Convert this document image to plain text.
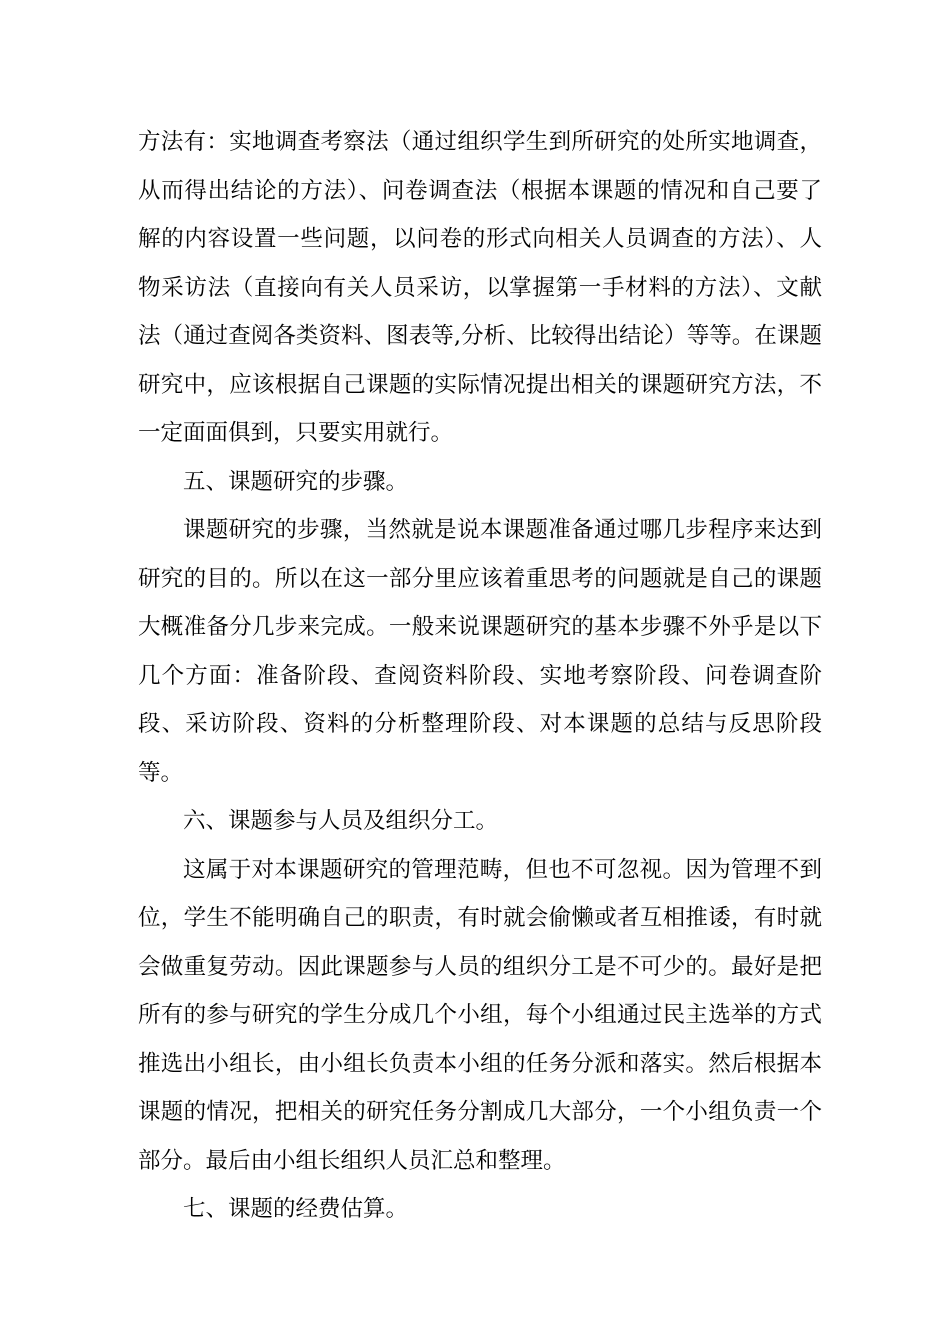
方法有：实地调查考察法（通过组织学生到所研究的处所实地调查，从而得出结论的方法）、问卷调查法（根据本课题的情况和自己要了解的内容设置一些问题，以问卷的形式向相关人员调查的方法）、人物采访法（直接向有关人员采访，以掌握第一手材料的方法）、文献法（通过查阅各类资料、图表等,分析、比较得出结论）等等。在课题研究中，应该根据自己课题的实际情况提出相关的课题研究方法，不一定面面俱到，只要实用就行。

五、课题研究的步骤。

课题研究的步骤，当然就是说本课题准备通过哪几步程序来达到研究的目的。所以在这一部分里应该着重思考的问题就是自己的课题大概准备分几步来完成。一般来说课题研究的基本步骤不外乎是以下几个方面：准备阶段、查阅资料阶段、实地考察阶段、问卷调查阶段、采访阶段、资料的分析整理阶段、对本课题的总结与反思阶段等。

六、课题参与人员及组织分工。

这属于对本课题研究的管理范畴，但也不可忽视。因为管理不到位，学生不能明确自己的职责，有时就会偷懒或者互相推诿，有时就会做重复劳动。因此课题参与人员的组织分工是不可少的。最好是把所有的参与研究的学生分成几个小组，每个小组通过民主选举的方式推选出小组长，由小组长负责本小组的任务分派和落实。然后根据本课题的情况，把相关的研究任务分割成几大部分，一个小组负责一个部分。最后由小组长组织人员汇总和整理。

七、课题的经费估算。
